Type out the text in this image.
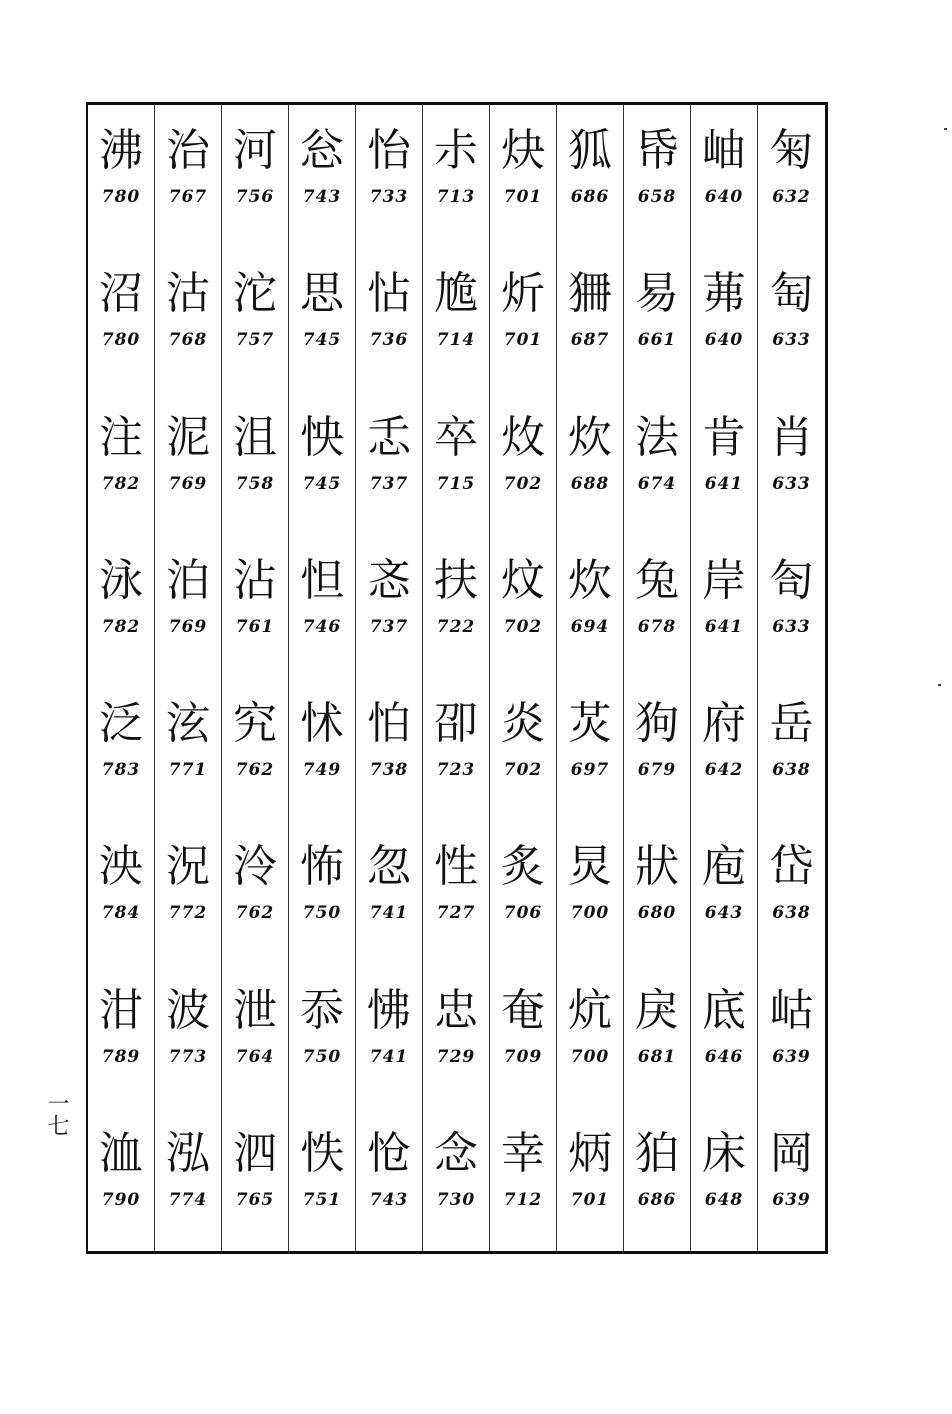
沸
780
治
767
河
756
忩
743
怡
733
尗
713
炔
701
狐
686
帋
658
岫
640
匊
632
沼
780
沽
768
沱
757
思
745
怗
736
尯
714
炘
701
狦
687
易
661
茀
640
匋
633
注
782
泥
769
沮
758
怏
745
忎
737
卒
715
炇
702
炊
688
法
674
肯
641
肖
633
泳
782
泊
769
沾
761
怛
746
忞
737
扶
722
炆
702
炊
694
兔
678
岸
641
匌
633
泛
783
泫
771
究
762
怵
749
怕
738
卲
723
炎
702
炗
697
狗
679
府
642
岳
638
泱
784
況
772
泠
762
怖
750
忽
741
性
727
炙
706
炅
700
狀
680
庖
643
岱
638
泔
789
波
773
泄
764
忝
750
怫
741
忠
729
奄
709
炕
700
戾
681
底
646
岵
639
洫
790
泓
774
泗
765
怢
751
怆
743
念
730
幸
712
炳
701
狛
686
床
648
岡
639
一七
